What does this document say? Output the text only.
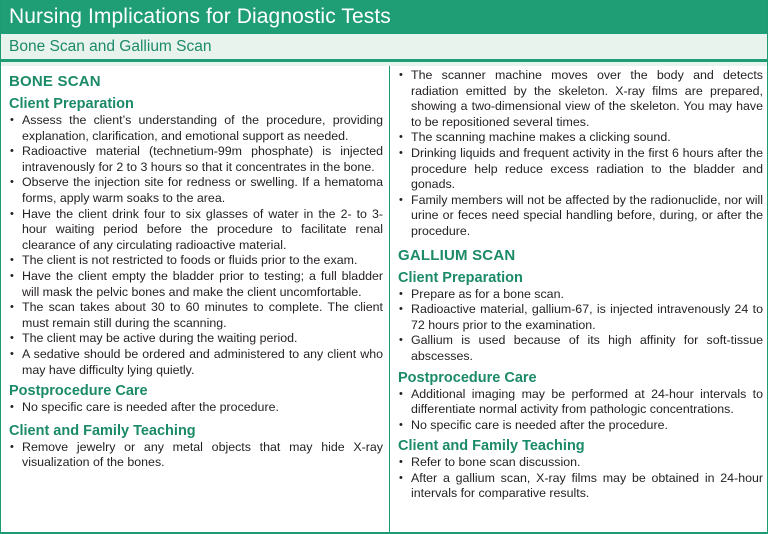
Nursing Implications for Diagnostic Tests
Bone Scan and Gallium Scan
BONE SCAN
Client Preparation
• Assess the client’s understanding of the procedure, providing explanation, clarification, and emotional support as needed.
• Radioactive material (technetium-99m phosphate) is injected intravenously for 2 to 3 hours so that it concentrates in the bone.
• Observe the injection site for redness or swelling. If a hematoma forms, apply warm soaks to the area.
• Have the client drink four to six glasses of water in the 2- to 3-hour waiting period before the procedure to facilitate renal clearance of any circulating radioactive material.
• The client is not restricted to foods or fluids prior to the exam.
• Have the client empty the bladder prior to testing; a full bladder will mask the pelvic bones and make the client uncomfortable.
• The scan takes about 30 to 60 minutes to complete. The client must remain still during the scanning.
• The client may be active during the waiting period.
• A sedative should be ordered and administered to any client who may have difficulty lying quietly.
Postprocedure Care
• No specific care is needed after the procedure.
Client and Family Teaching
• Remove jewelry or any metal objects that may hide X-ray visualization of the bones.
• The scanner machine moves over the body and detects radiation emitted by the skeleton. X-ray films are prepared, showing a two-dimensional view of the skeleton. You may have to be repositioned several times.
• The scanning machine makes a clicking sound.
• Drinking liquids and frequent activity in the first 6 hours after the procedure help reduce excess radiation to the bladder and gonads.
• Family members will not be affected by the radionuclide, nor will urine or feces need special handling before, during, or after the procedure.
GALLIUM SCAN
Client Preparation
• Prepare as for a bone scan.
• Radioactive material, gallium-67, is injected intravenously 24 to 72 hours prior to the examination.
• Gallium is used because of its high affinity for soft-tissue abscesses.
Postprocedure Care
• Additional imaging may be performed at 24-hour intervals to differentiate normal activity from pathologic concentrations.
• No specific care is needed after the procedure.
Client and Family Teaching
• Refer to bone scan discussion.
• After a gallium scan, X-ray films may be obtained in 24-hour intervals for comparative results.
